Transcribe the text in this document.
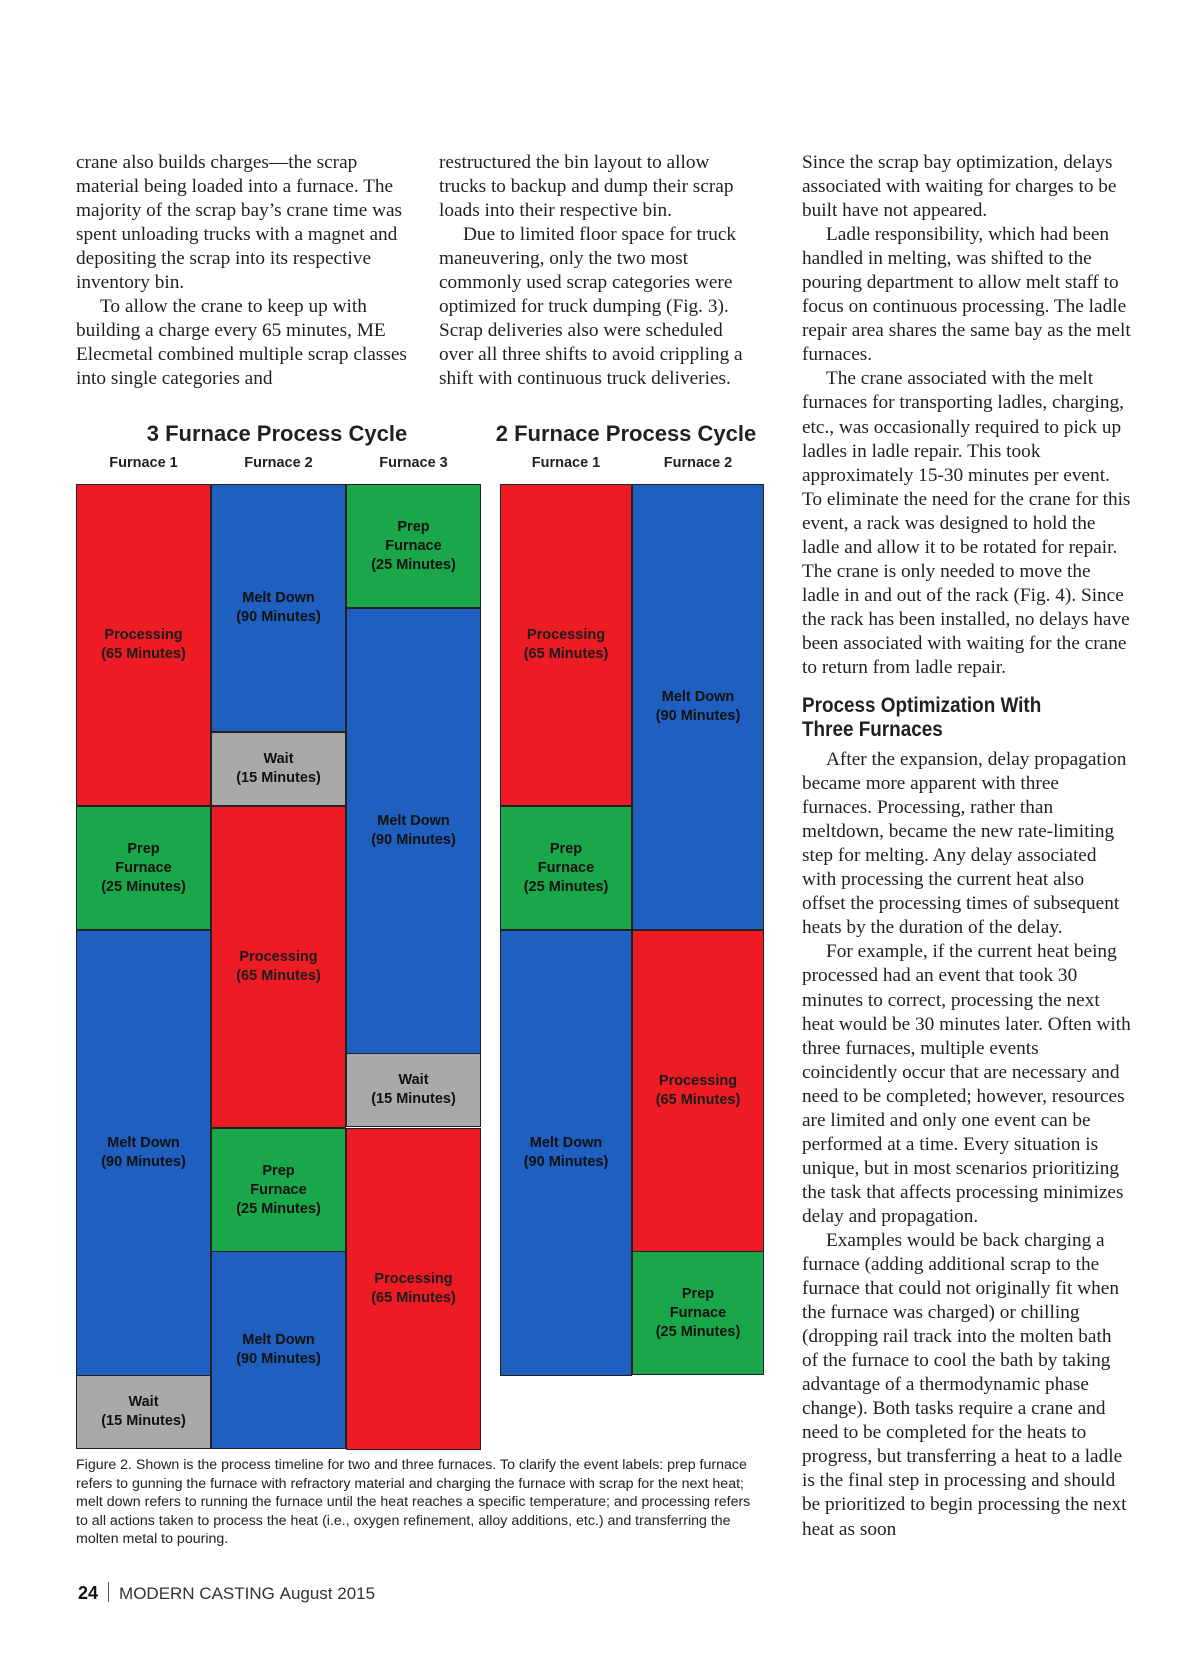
crane also builds charges—the scrap material being loaded into a furnace. The majority of the scrap bay’s crane time was spent unloading trucks with a magnet and depositing the scrap into its respective inventory bin.

To allow the crane to keep up with building a charge every 65 minutes, ME Elecmetal combined multiple scrap classes into single categories and

restructured the bin layout to allow trucks to backup and dump their scrap loads into their respective bin.

Due to limited floor space for truck maneuvering, only the two most commonly used scrap categories were optimized for truck dumping (Fig. 3). Scrap deliveries also were scheduled over all three shifts to avoid crippling a shift with continuous truck deliveries.

Since the scrap bay optimization, delays associated with waiting for charges to be built have not appeared.

Ladle responsibility, which had been handled in melting, was shifted to the pouring department to allow melt staff to focus on continuous processing. The ladle repair area shares the same bay as the melt furnaces.

The crane associated with the melt furnaces for transporting ladles, charging, etc., was occasionally required to pick up ladles in ladle repair. This took approximately 15-30 minutes per event. To eliminate the need for the crane for this event, a rack was designed to hold the ladle and allow it to be rotated for repair. The crane is only needed to move the ladle in and out of the rack (Fig. 4). Since the rack has been installed, no delays have been associated with waiting for the crane to return from ladle repair.

Process Optimization With
Three Furnaces

After the expansion, delay propagation became more apparent with three furnaces. Processing, rather than meltdown, became the new rate-limiting step for melting. Any delay associated with processing the current heat also offset the processing times of subsequent heats by the duration of the delay.

For example, if the current heat being processed had an event that took 30 minutes to correct, processing the next heat would be 30 minutes later. Often with three furnaces, multiple events coincidently occur that are necessary and need to be completed; however, resources are limited and only one event can be performed at a time. Every situation is unique, but in most scenarios prioritizing the task that affects processing minimizes delay and propagation.

Examples would be back charging a furnace (adding additional scrap to the furnace that could not originally fit when the furnace was charged) or chilling (dropping rail track into the molten bath of the furnace to cool the bath by taking advantage of a thermodynamic phase change). Both tasks require a crane and need to be completed for the heats to progress, but transferring a heat to a ladle is the final step in processing and should be prioritized to begin processing the next heat as soon

3 Furnace Process Cycle
Furnace 1
Processing
(65 Minutes)
Prep
Furnace
(25 Minutes)
Melt Down
(90 Minutes)
Wait
(15 Minutes)
Furnace 2
Melt Down
(90 Minutes)
Wait
(15 Minutes)
Processing
(65 Minutes)
Prep
Furnace
(25 Minutes)
Melt Down
(90 Minutes)
Furnace 3
Prep
Furnace
(25 Minutes)
Melt Down
(90 Minutes)
Wait
(15 Minutes)
Processing
(65 Minutes)
2 Furnace Process Cycle
Furnace 1
Processing
(65 Minutes)
Prep
Furnace
(25 Minutes)
Melt Down
(90 Minutes)
Furnace 2
Melt Down
(90 Minutes)
Processing
(65 Minutes)
Prep
Furnace
(25 Minutes)
Figure 2. Shown is the process timeline for two and three furnaces. To clarify the event labels: prep furnace refers to gunning the furnace with refractory material and charging the furnace with scrap for the next heat; melt down refers to running the furnace until the heat reaches a specific temperature; and processing refers to all actions taken to process the heat (i.e., oxygen refinement, alloy additions, etc.) and transferring the molten metal to pouring.
24 MODERN CASTING August 2015
